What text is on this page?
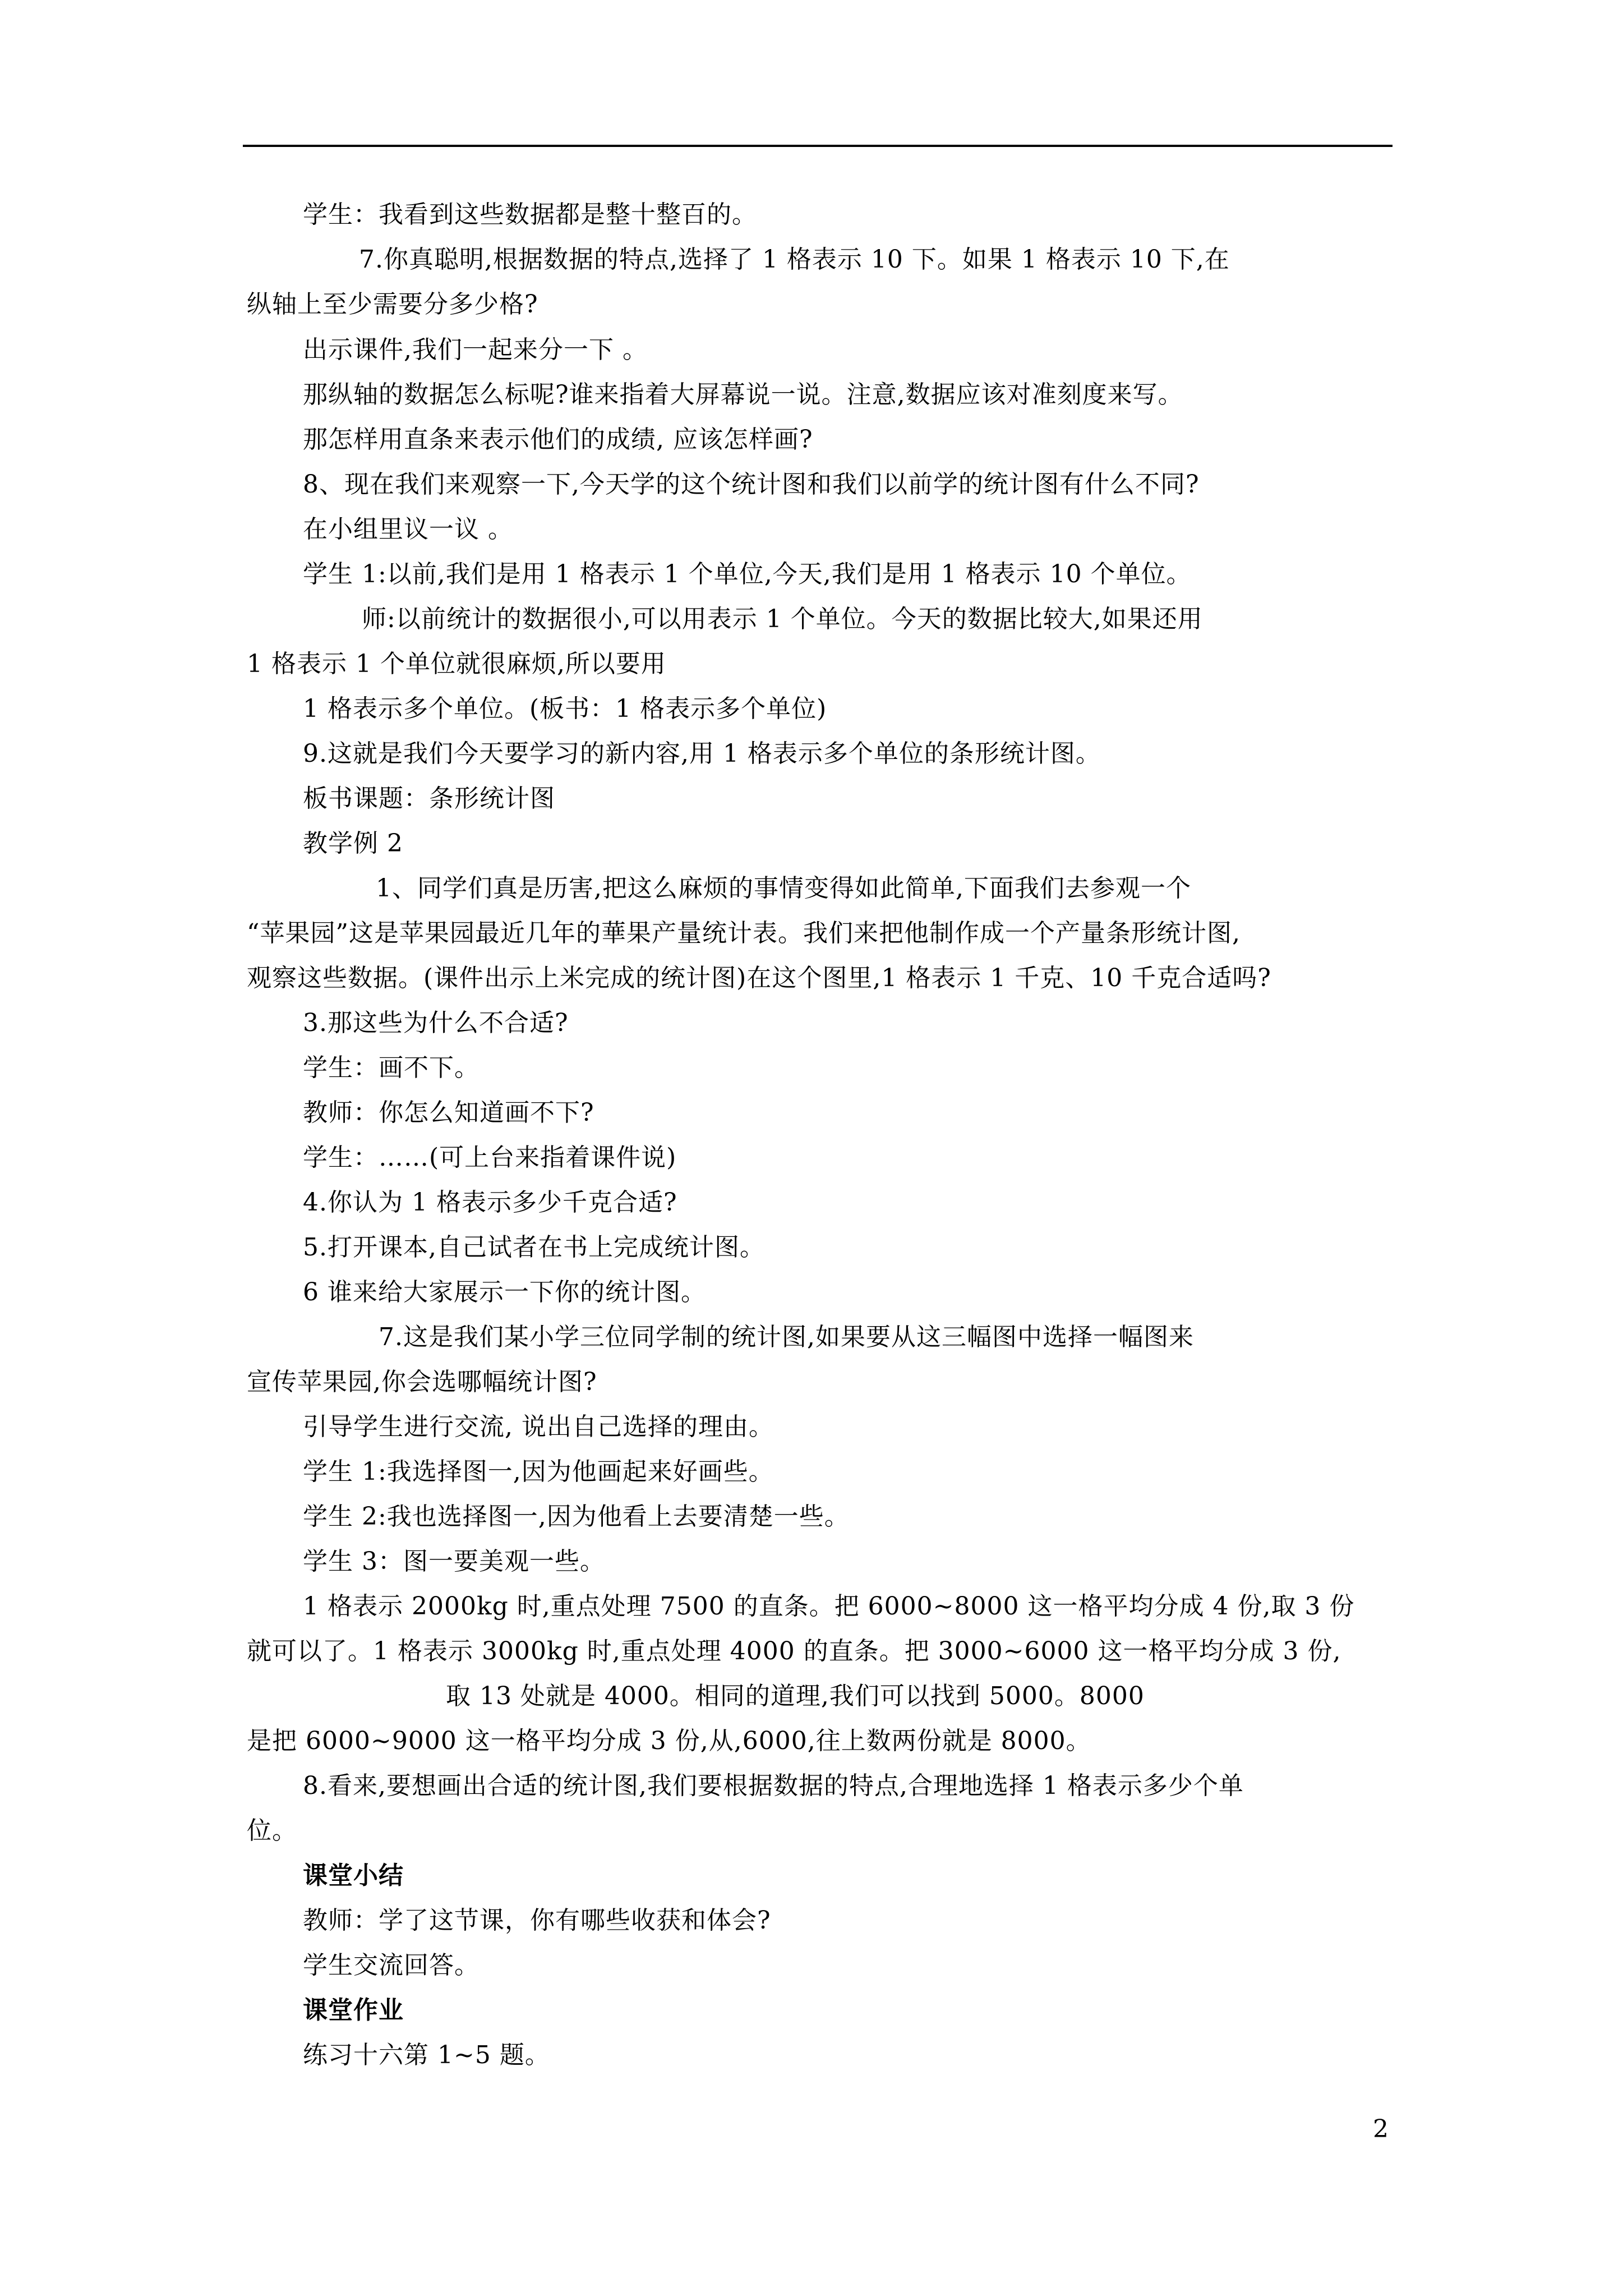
学生：我看到这些数据都是整十整百的。
7.你真聪明,根据数据的特点,选择了 1 格表示 10 下。如果 1 格表示 10 下,在
纵轴上至少需要分多少格?
出示课件,我们一起来分一下 。
那纵轴的数据怎么标呢?谁来指着大屏幕说一说。注意,数据应该对准刻度来写。
那怎样用直条来表示他们的成绩, 应该怎样画?
8、现在我们来观察一下,今天学的这个统计图和我们以前学的统计图有什么不同?
在小组里议一议 。
学生 1:以前,我们是用 1 格表示 1 个单位,今天,我们是用 1 格表示 10 个单位。
师:以前统计的数据很小,可以用表示 1 个单位。今天的数据比较大,如果还用
1 格表示 1 个单位就很麻烦,所以要用
1 格表示多个单位。(板书：1 格表示多个单位)
9.这就是我们今天要学习的新内容,用 1 格表示多个单位的条形统计图。
板书课题：条形统计图
教学例 2
1、同学们真是历害,把这么麻烦的事情变得如此简单,下面我们去参观一个
“苹果园”这是苹果园最近几年的華果产量统计表。我们来把他制作成一个产量条形统计图,
观察这些数据。(课件出示上米完成的统计图)在这个图里,1 格表示 1 千克、10 千克合适吗?
3.那这些为什么不合适?
学生：画不下。
教师：你怎么知道画不下?
学生：……(可上台来指着课件说)
4.你认为 1 格表示多少千克合适?
5.打开课本,自己试者在书上完成统计图。
6 谁来给大家展示一下你的统计图。
7.这是我们某小学三位同学制的统计图,如果要从这三幅图中选择一幅图来
宣传苹果园,你会选哪幅统计图?
引导学生进行交流, 说出自己选择的理由。
学生 1:我选择图一,因为他画起来好画些。
学生 2:我也选择图一,因为他看上去要清楚一些。
学生 3：图一要美观一些。
1 格表示 2000kg 时,重点处理 7500 的直条。把 6000~8000 这一格平均分成 4 份,取 3 份
就可以了。1 格表示 3000kg 时,重点处理 4000 的直条。把 3000~6000 这一格平均分成 3 份,
取 13 处就是 4000。相同的道理,我们可以找到 5000。8000
是把 6000~9000 这一格平均分成 3 份,从,6000,往上数两份就是 8000。
8.看来,要想画出合适的统计图,我们要根据数据的特点,合理地选择 1 格表示多少个单
位。
课堂小结
教师：学了这节课，你有哪些收获和体会?
学生交流回答。
课堂作业
练习十六第 1~5 题。
2
